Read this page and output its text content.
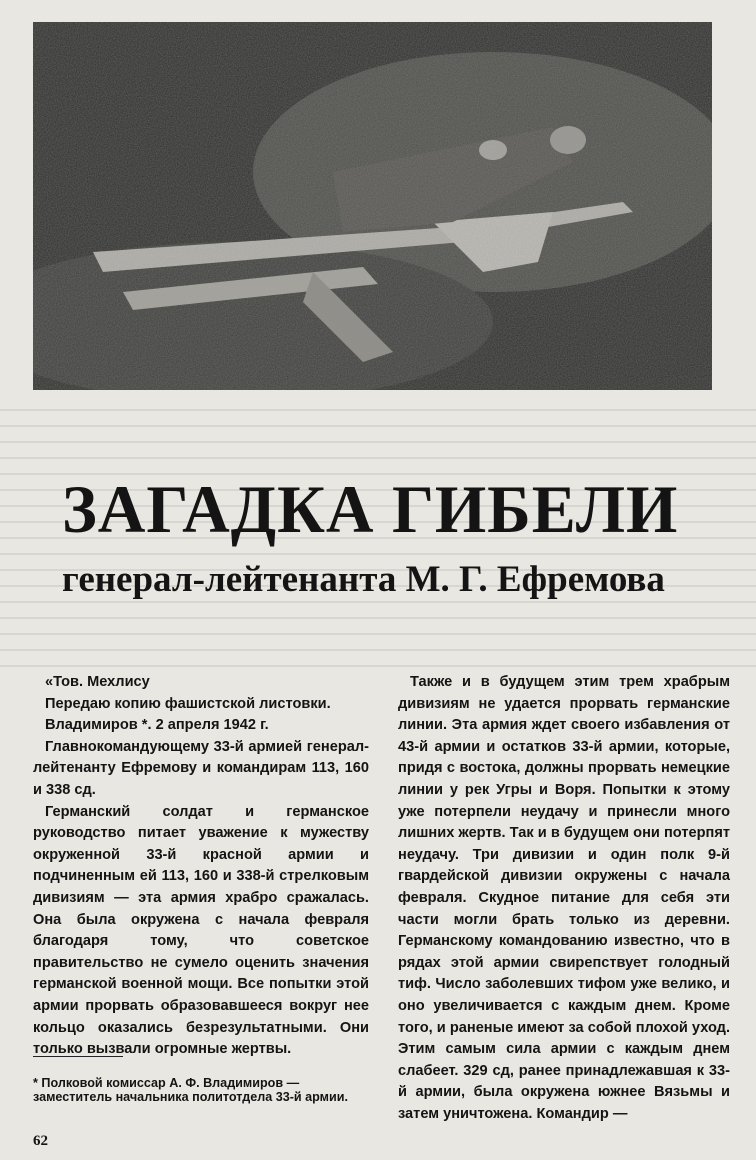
ЗАГАДКА ГИБЕЛИ
генерал-лейтенанта М. Г. Ефремова

«Тов. Мехлису

Передаю копию фашистской листовки.

Владимиров *. 2 апреля 1942 г.

Главнокомандующему 33-й армией генерал-лейтенанту Ефремову и командирам 113, 160 и 338 сд.

Германский солдат и германское руководство питает уважение к мужеству окруженной 33-й красной армии и подчиненным ей 113, 160 и 338-й стрелковым дивизиям — эта армия храбро сражалась. Она была окружена с начала февраля благодаря тому, что советское правительство не сумело оценить значения германской военной мощи. Все попытки этой армии прорвать образовавшееся вокруг нее кольцо оказались безрезультатными. Они только вызвали огромные жертвы.

Также и в будущем этим трем храбрым дивизиям не удается прорвать германские линии. Эта армия ждет своего избавления от 43-й армии и остатков 33-й армии, которые, придя с востока, должны прорвать немецкие линии у рек Угры и Воря. Попытки к этому уже потерпели неудачу и принесли много лишних жертв. Так и в будущем они потерпят неудачу. Три дивизии и один полк 9-й гвардейской дивизии окружены с начала февраля. Скудное питание для себя эти части могли брать только из деревни. Германскому командованию известно, что в рядах этой армии свирепствует голодный тиф. Число заболевших тифом уже велико, и оно увеличивается с каждым днем. Кроме того, и раненые имеют за собой плохой уход. Этим самым сила армии с каждым днем слабеет. 329 сд, ранее принадлежавшая к 33-й армии, была окружена южнее Вязьмы и затем уничтожена. Командир —

* Полковой комиссар А. Ф. Владимиров — заместитель начальника политотдела 33-й армии.
62
